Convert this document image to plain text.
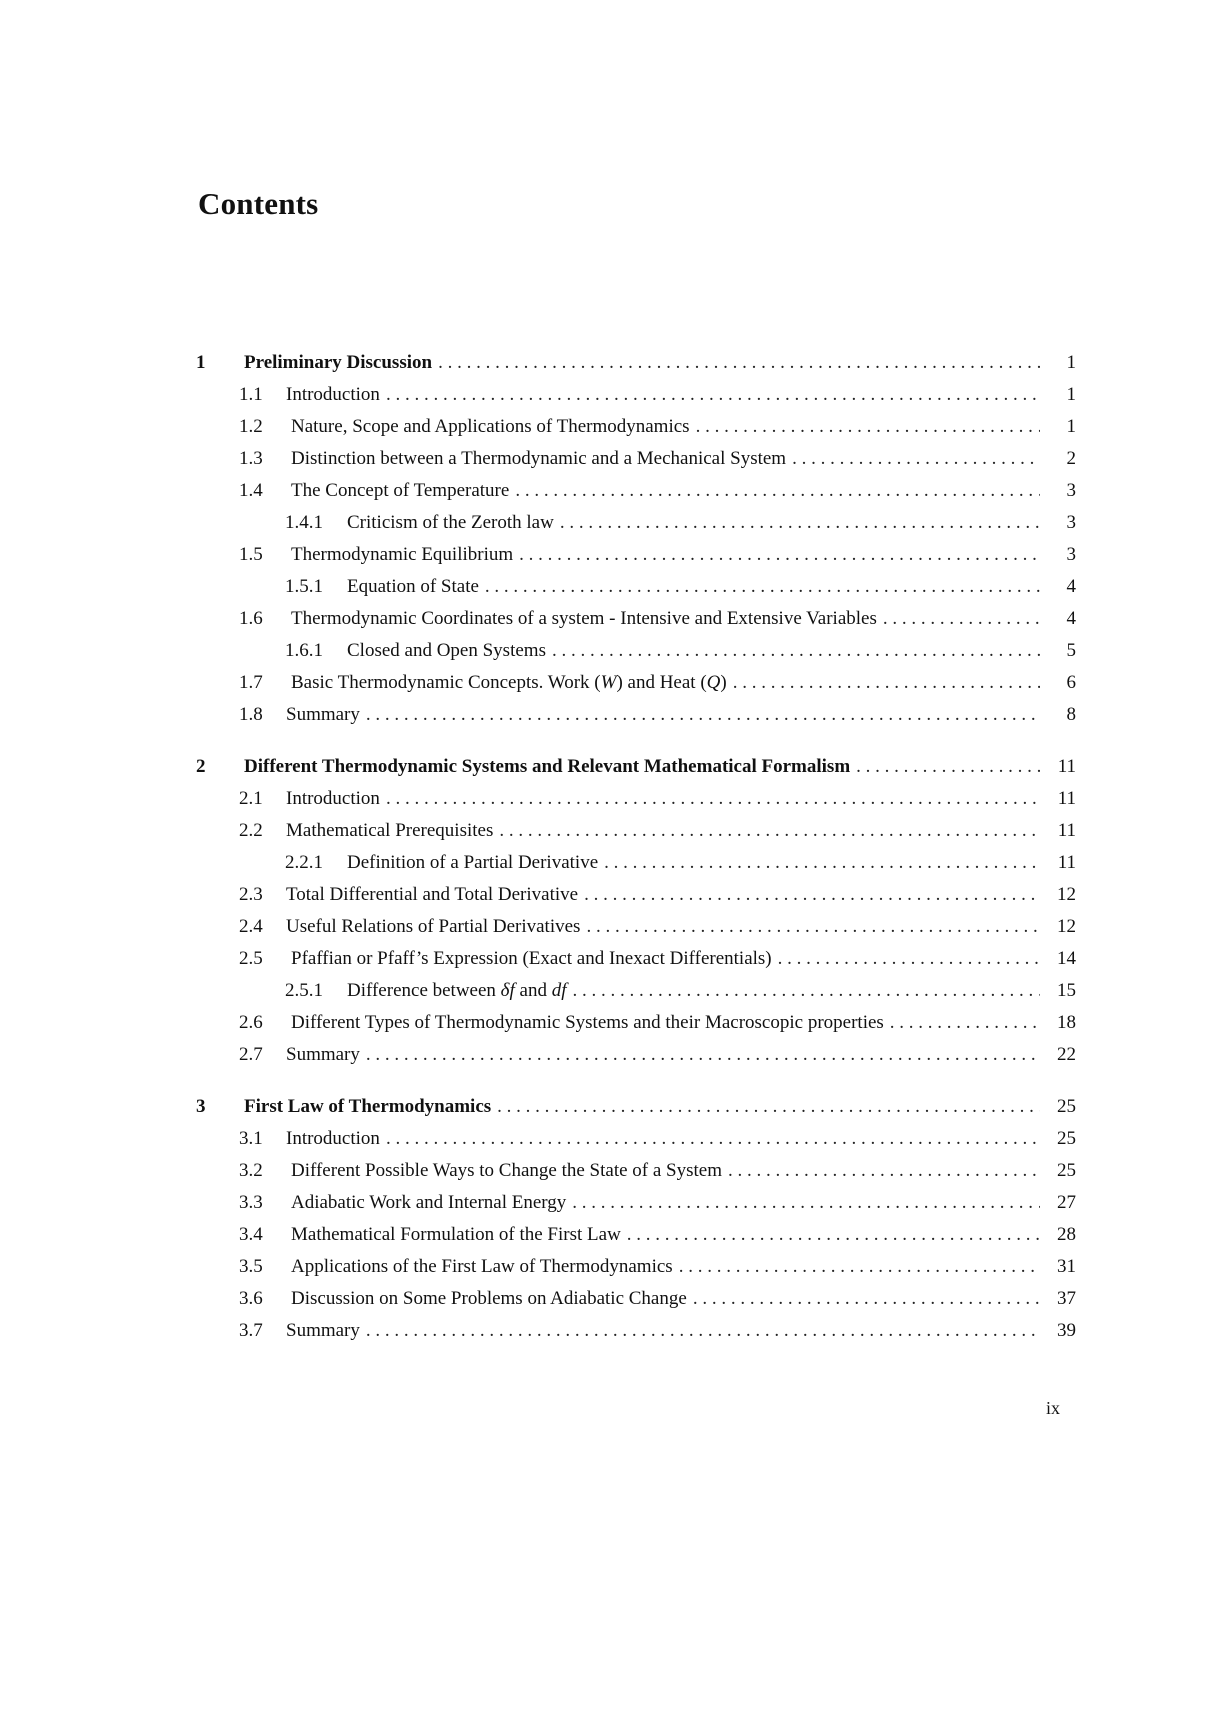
Contents
1 Preliminary Discussion . . .	1
1.1 Introduction . . .	1
1.2 Nature, Scope and Applications of Thermodynamics . . .	1
1.3 Distinction between a Thermodynamic and a Mechanical System . . .	2
1.4 The Concept of Temperature . . .	3
1.4.1 Criticism of the Zeroth law . . .	3
1.5 Thermodynamic Equilibrium . . .	3
1.5.1 Equation of State . . .	4
1.6 Thermodynamic Coordinates of a system - Intensive and Extensive Variables . . .	4
1.6.1 Closed and Open Systems . . .	5
1.7 Basic Thermodynamic Concepts. Work (W) and Heat (Q) . . .	6
1.8 Summary . . .	8
2 Different Thermodynamic Systems and Relevant Mathematical Formalism . . .	11
2.1 Introduction . . .	11
2.2 Mathematical Prerequisites . . .	11
2.2.1 Definition of a Partial Derivative . . .	11
2.3 Total Differential and Total Derivative . . .	12
2.4 Useful Relations of Partial Derivatives . . .	12
2.5 Pfaffian or Pfaff’s Expression (Exact and Inexact Differentials) . . .	14
2.5.1 Difference between δf and df . . .	15
2.6 Different Types of Thermodynamic Systems and their Macroscopic properties . . .	18
2.7 Summary . . .	22
3 First Law of Thermodynamics . . .	25
3.1 Introduction . . .	25
3.2 Different Possible Ways to Change the State of a System . . .	25
3.3 Adiabatic Work and Internal Energy . . .	27
3.4 Mathematical Formulation of the First Law . . .	28
3.5 Applications of the First Law of Thermodynamics . . .	31
3.6 Discussion on Some Problems on Adiabatic Change . . .	37
3.7 Summary . . .	39
ix
